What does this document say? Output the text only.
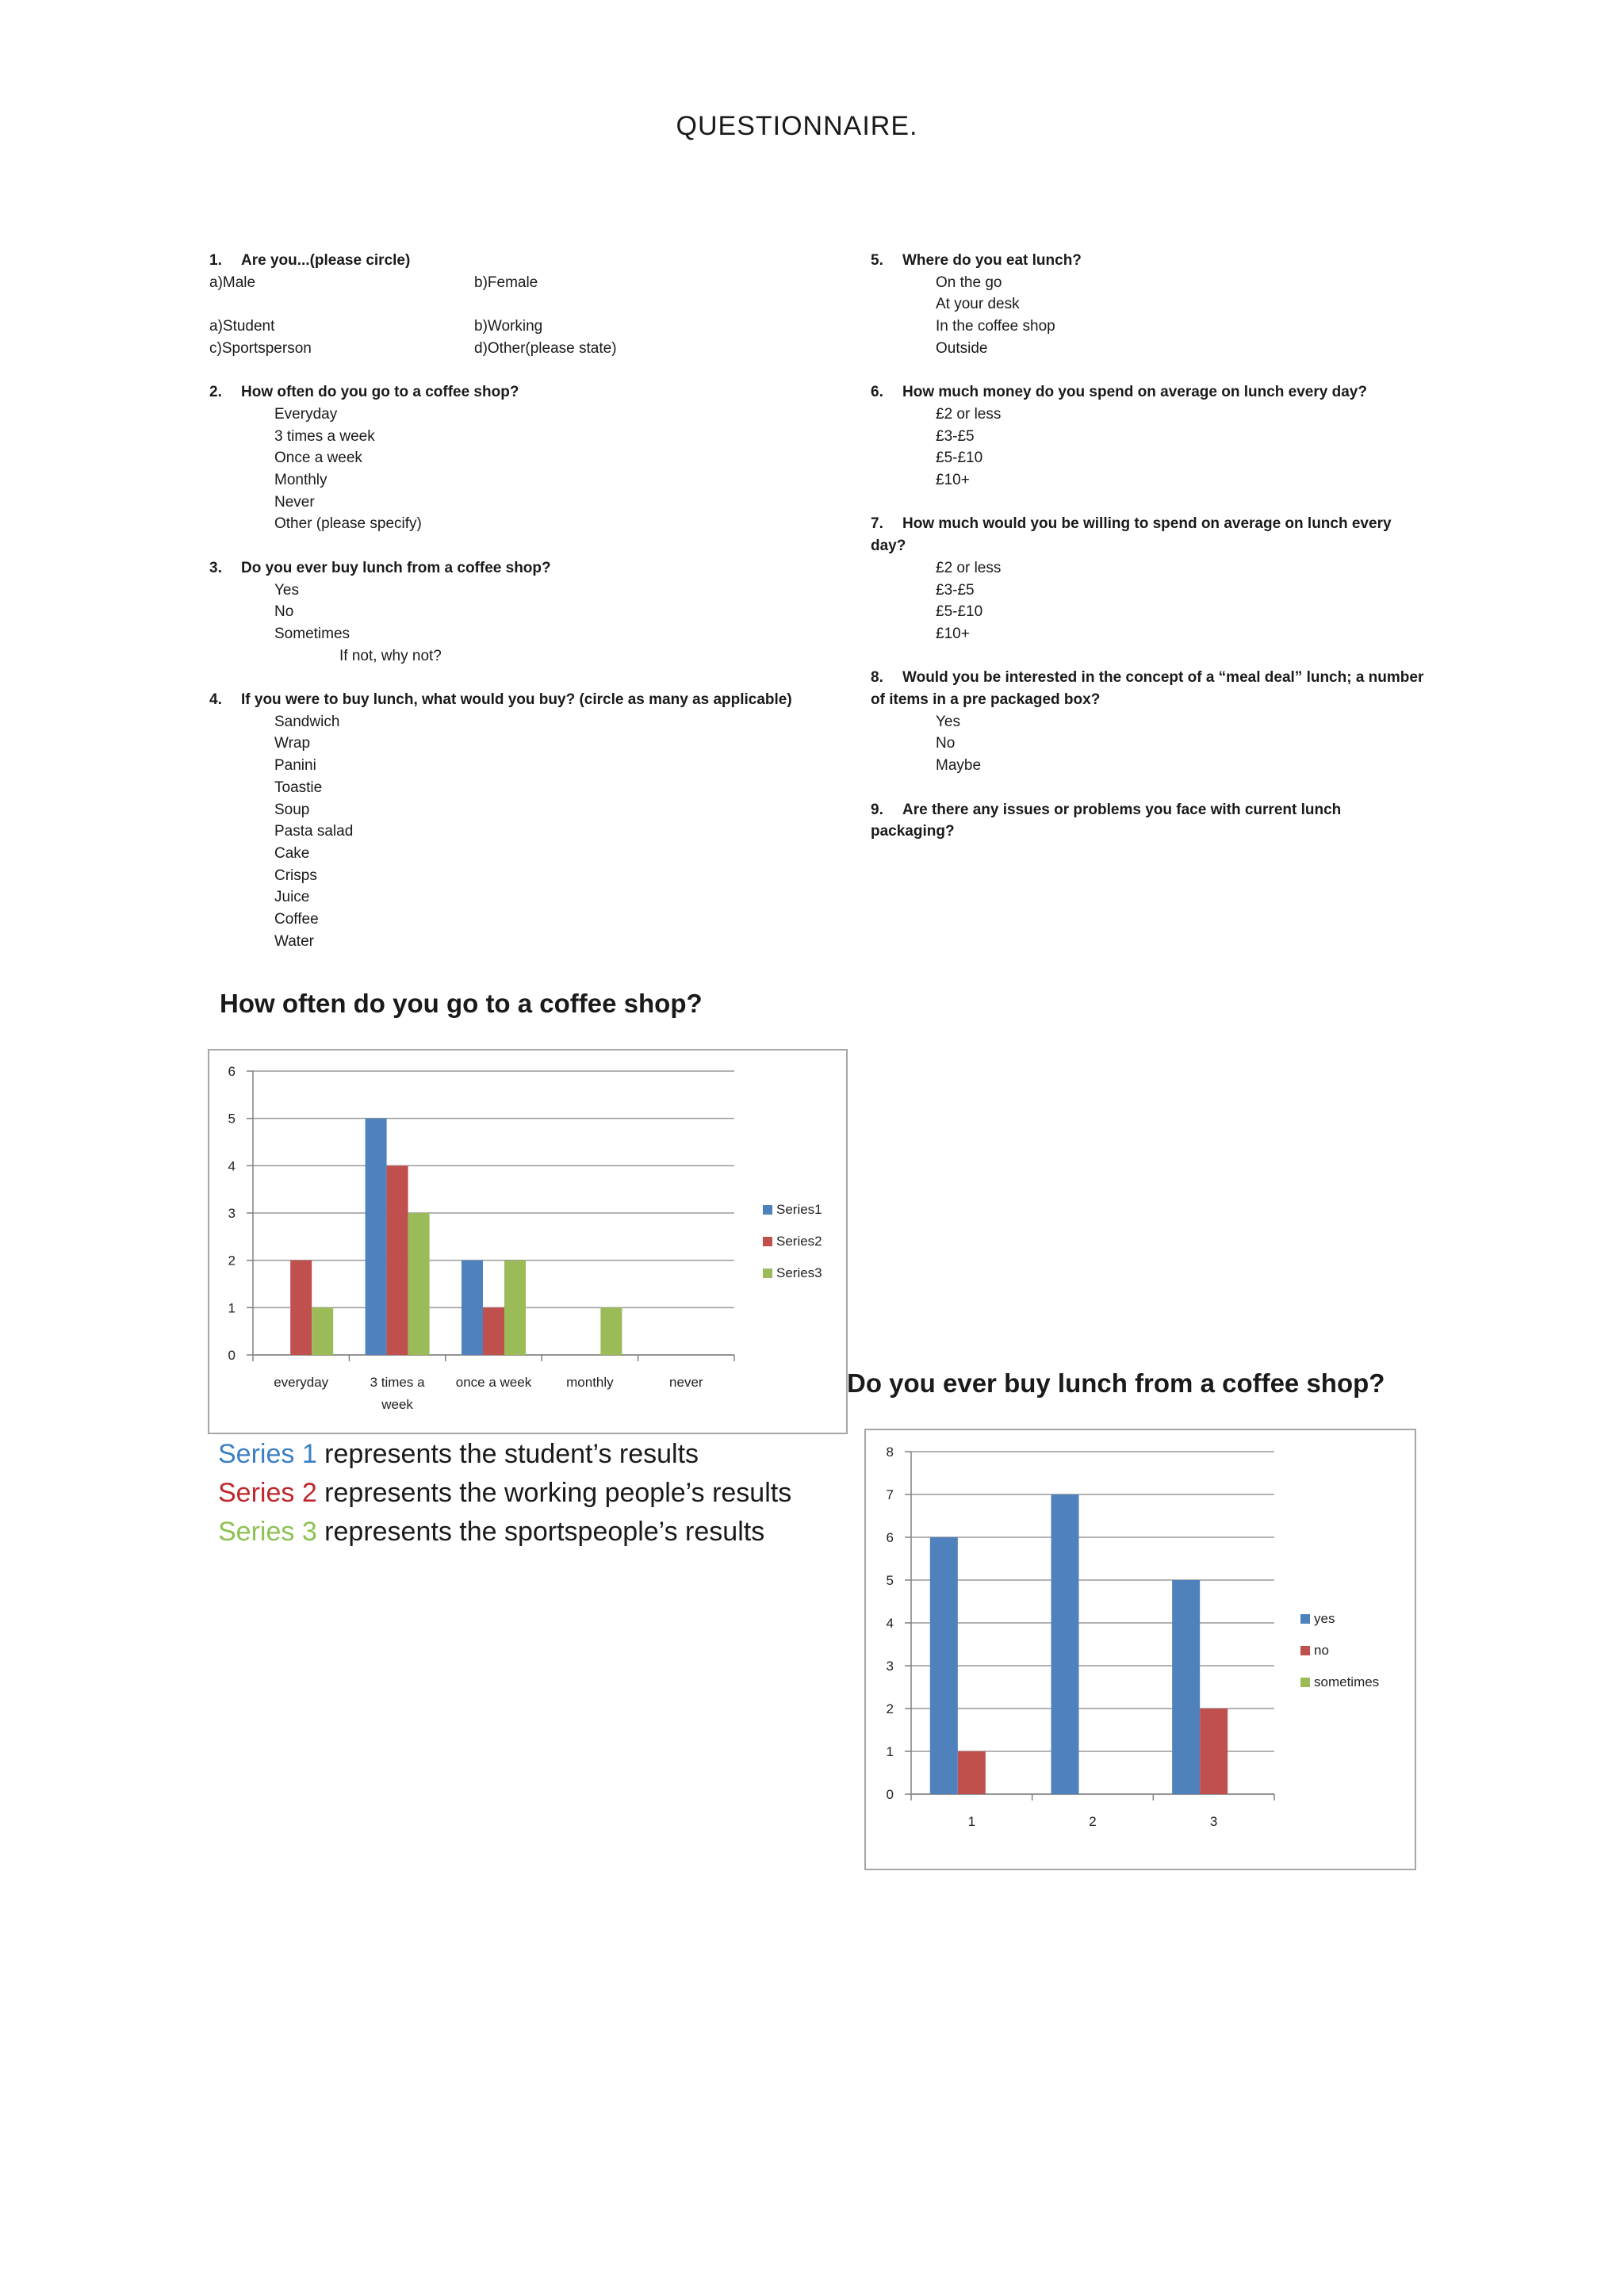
QUESTIONNAIRE.
1. Are you...(please circle)
a)Male	b)Female
a)Student	b)Working
c)Sportsperson	d)Other(please state)
2. How often do you go to a coffee shop?
Everyday
3 times a week
Once a week
Monthly
Never
Other (please specify)
3. Do you ever buy lunch from a coffee shop?
Yes
No
Sometimes
If not, why not?
4. If you were to buy lunch, what would you buy? (circle as many as applicable)
Sandwich
Wrap
Panini
Toastie
Soup
Pasta salad
Cake
Crisps
Juice
Coffee
Water
5. Where do you eat lunch?
On the go
At your desk
In the coffee shop
Outside
6. How much money do you spend on average on lunch every day?
£2 or less
£3-£5
£5-£10
£10+
7. How much would you be willing to spend on average on lunch every day?
£2 or less
£3-£5
£5-£10
£10+
8. Would you be interested in the concept of a “meal deal” lunch; a number of items in a pre packaged box?
Yes
No
Maybe
9. Are there any issues or problems you face with current lunch packaging?
How often do you go to a coffee shop?
0
1
2
3
4
5
6
everyday	3 times a
week
once a week	monthly	never
Series1
Series2
Series3
Series 1 represents the student’s results
Series 2 represents the working people’s results
Series 3 represents the sportspeople’s results
Do you ever buy lunch from a coffee shop?
0
1
2
3
4
5
6
7
8
1	2	3
yes
no
sometimes
